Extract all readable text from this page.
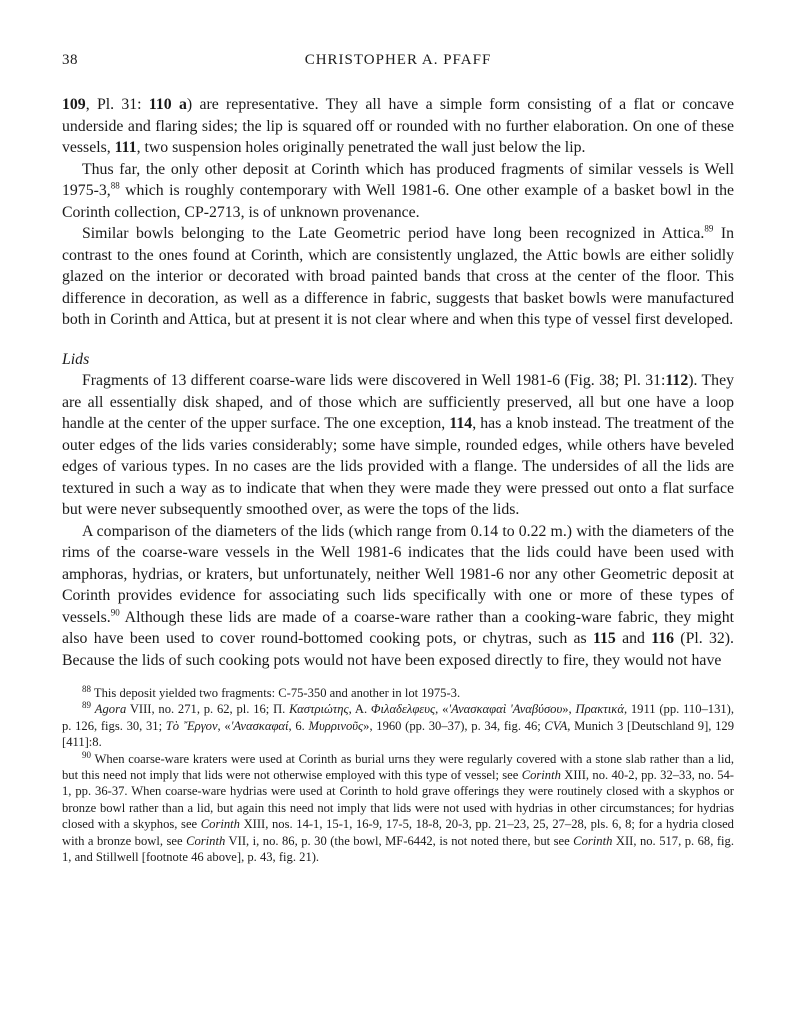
38	CHRISTOPHER A. PFAFF

109, Pl. 31: 110 a) are representative. They all have a simple form consisting of a flat or concave underside and flaring sides; the lip is squared off or rounded with no further elaboration. On one of these vessels, 111, two suspension holes originally penetrated the wall just below the lip.

Thus far, the only other deposit at Corinth which has produced fragments of similar vessels is Well 1975-3,88 which is roughly contemporary with Well 1981-6. One other example of a basket bowl in the Corinth collection, CP-2713, is of unknown provenance.

Similar bowls belonging to the Late Geometric period have long been recognized in Attica.$^{89}$ In contrast to the ones found at Corinth, which are consistently unglazed, the Attic bowls are either solidly glazed on the interior or decorated with broad painted bands that cross at the center of the floor. This difference in decoration, as well as a difference in fabric, suggests that basket bowls were manufactured both in Corinth and Attica, but at present it is not clear where and when this type of vessel first developed.

Lids

Fragments of 13 different coarse-ware lids were discovered in Well 1981-6 (Fig. 38; Pl. 31:112). They are all essentially disk shaped, and of those which are sufficiently preserved, all but one have a loop handle at the center of the upper surface. The one exception, 114, has a knob instead. The treatment of the outer edges of the lids varies considerably; some have simple, rounded edges, while others have beveled edges of various types. In no cases are the lids provided with a flange. The undersides of all the lids are textured in such a way as to indicate that when they were made they were pressed out onto a flat surface but were never subsequently smoothed over, as were the tops of the lids.

A comparison of the diameters of the lids (which range from 0.14 to 0.22 m.) with the diameters of the rims of the coarse-ware vessels in the Well 1981-6 indicates that the lids could have been used with amphoras, hydrias, or kraters, but unfortunately, neither Well 1981-6 nor any other Geometric deposit at Corinth provides evidence for associating such lids specifically with one or more of these types of vessels.$^{90}$ Although these lids are made of a coarse-ware rather than a cooking-ware fabric, they might also have been used to cover round-bottomed cooking pots, or chytras, such as 115 and 116 (Pl. 32). Because the lids of such cooking pots would not have been exposed directly to fire, they would not have

$^{88}$ This deposit yielded two fragments: C-75-350 and another in lot 1975-3.

$^{89}$ Agora VIII, no. 271, p. 62, pl. 16; Π. Καστριώτης, Α. Φιλαδελφευς, «'Ανασκαφαὶ 'Αναβύσου», Πρακτικά, 1911 (pp. 110–131), p. 126, figs. 30, 31; Τὸ ῎Εργον, «'Ανασκαφαί, 6. Μυρρινοῦς», 1960 (pp. 30–37), p. 34, fig. 46; CVA, Munich 3 [Deutschland 9], 129 [411]:8.

$^{90}$ When coarse-ware kraters were used at Corinth as burial urns they were regularly covered with a stone slab rather than a lid, but this need not imply that lids were not otherwise employed with this type of vessel; see Corinth XIII, no. 40-2, pp. 32–33, no. 54-1, pp. 36-37. When coarse-ware hydrias were used at Corinth to hold grave offerings they were routinely closed with a skyphos or bronze bowl rather than a lid, but again this need not imply that lids were not used with hydrias in other circumstances; for hydrias closed with a skyphos, see Corinth XIII, nos. 14-1, 15-1, 16-9, 17-5, 18-8, 20-3, pp. 21–23, 25, 27–28, pls. 6, 8; for a hydria closed with a bronze bowl, see Corinth VII, i, no. 86, p. 30 (the bowl, MF-6442, is not noted there, but see Corinth XII, no. 517, p. 68, fig. 1, and Stillwell [footnote 46 above], p. 43, fig. 21).
